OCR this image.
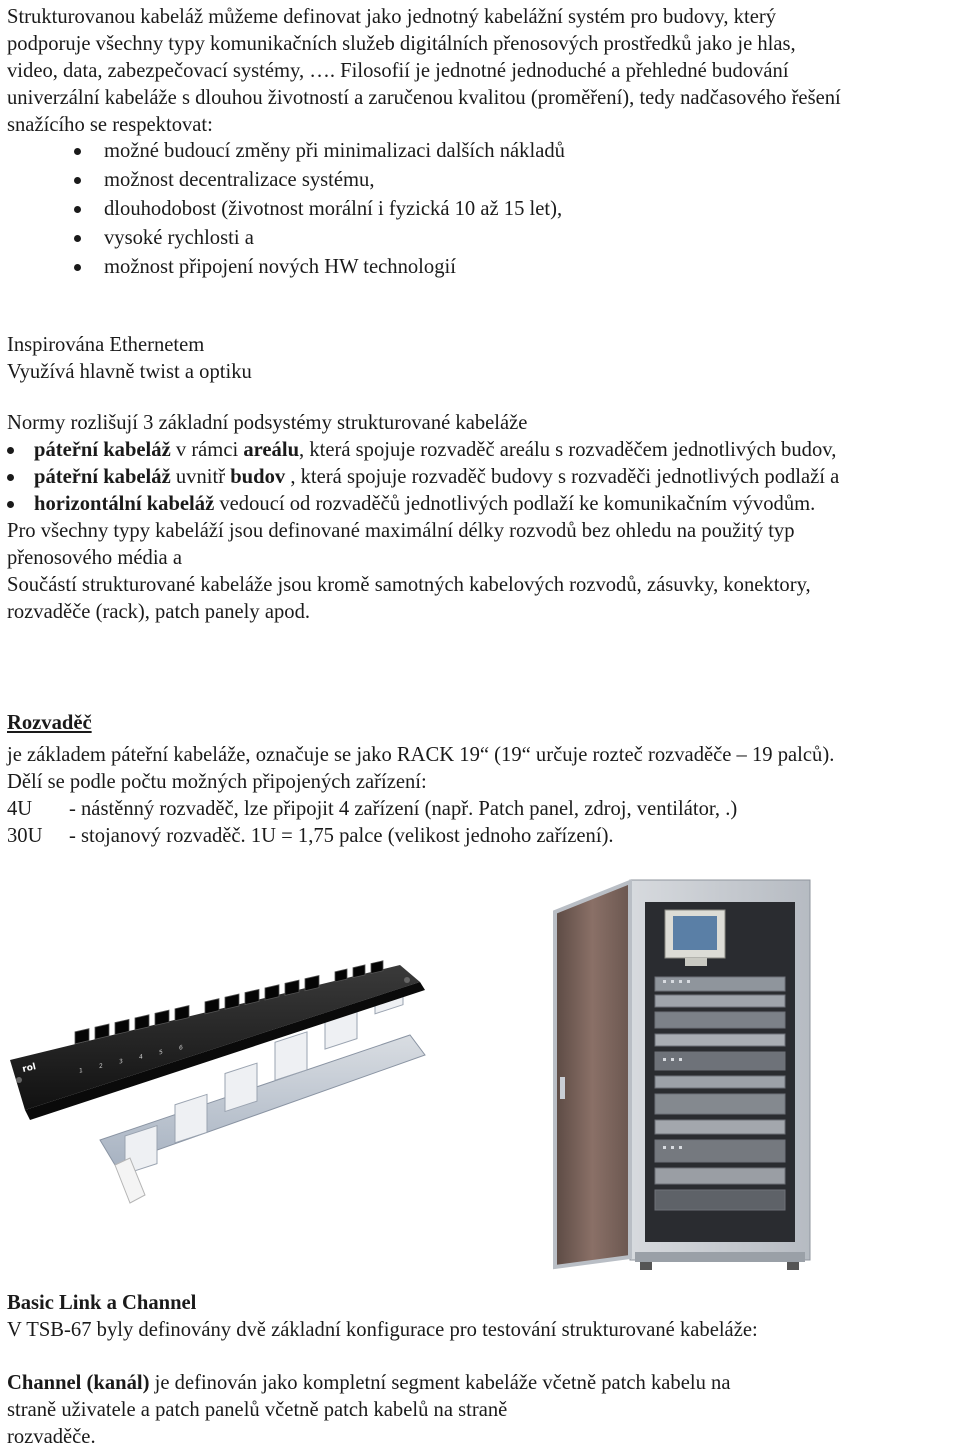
Strukturovanou kabeláž můžeme definovat jako jednotný kabelážní systém pro budovy, který

podporuje všechny typy komunikačních služeb digitálních přenosových prostředků jako je hlas,

video, data, zabezpečovací systémy, …. Filosofií je jednotné jednoduché a přehledné budování

univerzální kabeláže s dlouhou životností a zaručenou kvalitou (proměření), tedy nadčasového řešení

snažícího se respektovat:

možné budoucí změny při minimalizaci dalších nákladů
možnost decentralizace systému,
dlouhodobost (životnost morální i fyzická 10 až 15 let),
vysoké rychlosti a
možnost připojení nových HW technologií

Inspirována Ethernetem

Využívá hlavně twist a optiku

Normy rozlišují 3 základní podsystémy strukturované kabeláže

páteřní kabeláž v rámci areálu, která spojuje rozvaděč areálu s rozvaděčem jednotlivých budov,
páteřní kabeláž uvnitř budov , která spojuje rozvaděč budovy s rozvaděči jednotlivých podlaží a
horizontální kabeláž vedoucí od rozvaděčů jednotlivých podlaží ke komunikačním vývodům.

Pro všechny typy kabeláží jsou definované maximální délky rozvodů bez ohledu na použitý typ

přenosového média a

Součástí strukturované kabeláže jsou kromě samotných kabelových rozvodů, zásuvky, konektory,

rozvaděče (rack), patch panely apod.

Rozvaděč

je základem páteřní kabeláže, označuje se jako RACK 19“ (19“ určuje rozteč rozvaděče – 19 palců).

Dělí se podle počtu možných připojených zařízení:

4U	- nástěnný rozvaděč, lze připojit 4 zařízení (např. Patch panel, zdroj, ventilátor, .)
30U	- stojanový rozvaděč. 1U = 1,75 palce (velikost jednoho zařízení).
1
2
3
4
5
6
rol

Basic Link a Channel

V TSB-67 byly definovány dvě základní konfigurace pro testování strukturované kabeláže:

Channel (kanál) je definován jako kompletní segment kabeláže včetně patch kabelu na

straně uživatele a patch panelů včetně patch kabelů na straně

rozvaděče.
